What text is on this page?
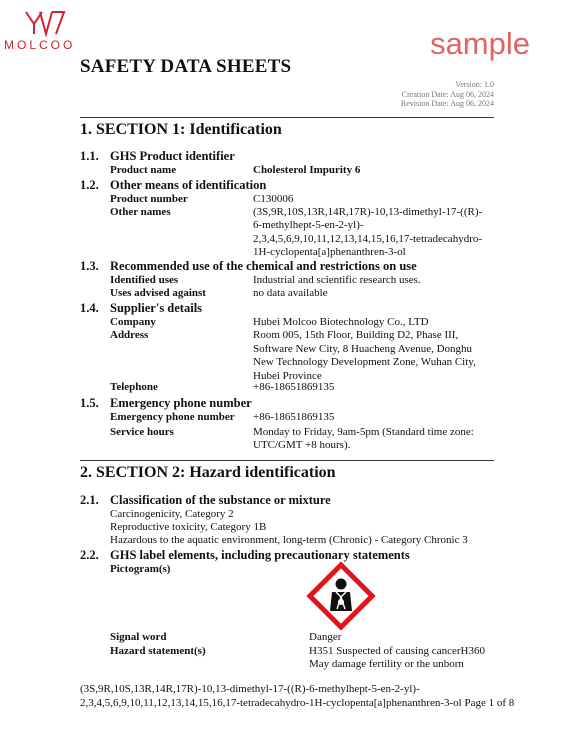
MOLCOO	sample
SAFETY DATA SHEETS
Version: 1.0
Creation Date: Aug 06, 2024
Revision Date: Aug 06, 2024
1. SECTION 1: Identification
1.1. GHS Product identifier
Product name	Cholesterol Impurity 6
1.2. Other means of identification
Product number	C130006
Other names	(3S,9R,10S,13R,14R,17R)-10,13-dimethyl-17-((R)-
6-methylhept-5-en-2-yl)-
2,3,4,5,6,9,10,11,12,13,14,15,16,17-tetradecahydro-
1H-cyclopenta[a]phenanthren-3-ol
1.3. Recommended use of the chemical and restrictions on use
Identified uses	Industrial and scientific research uses.
Uses advised against	no data available
1.4. Supplier's details
Company	Hubei Molcoo Biotechnology Co., LTD
Address	Room 005, 15th Floor, Building D2, Phase III,
Software New City, 8 Huacheng Avenue, Donghu
New Technology Development Zone, Wuhan City,
Hubei Province
Telephone	+86-18651869135
1.5. Emergency phone number
Emergency phone number +86-18651869135
Service hours	Monday to Friday, 9am-5pm (Standard time zone:
UTC/GMT +8 hours).
2. SECTION 2: Hazard identification
2.1. Classification of the substance or mixture
Carcinogenicity, Category 2
Reproductive toxicity, Category 1B
Hazardous to the aquatic environment, long-term (Chronic) - Category Chronic 3
2.2. GHS label elements, including precautionary statements
Pictogram(s)
Signal word	Danger
Hazard statement(s)	H351 Suspected of causing cancerH360
May damage fertility or the unborn
(3S,9R,10S,13R,14R,17R)-10,13-dimethyl-17-((R)-6-methylhept-5-en-2-yl)-
2,3,4,5,6,9,10,11,12,13,14,15,16,17-tetradecahydro-1H-cyclopenta[a]phenanthren-3-ol Page 1 of 8
